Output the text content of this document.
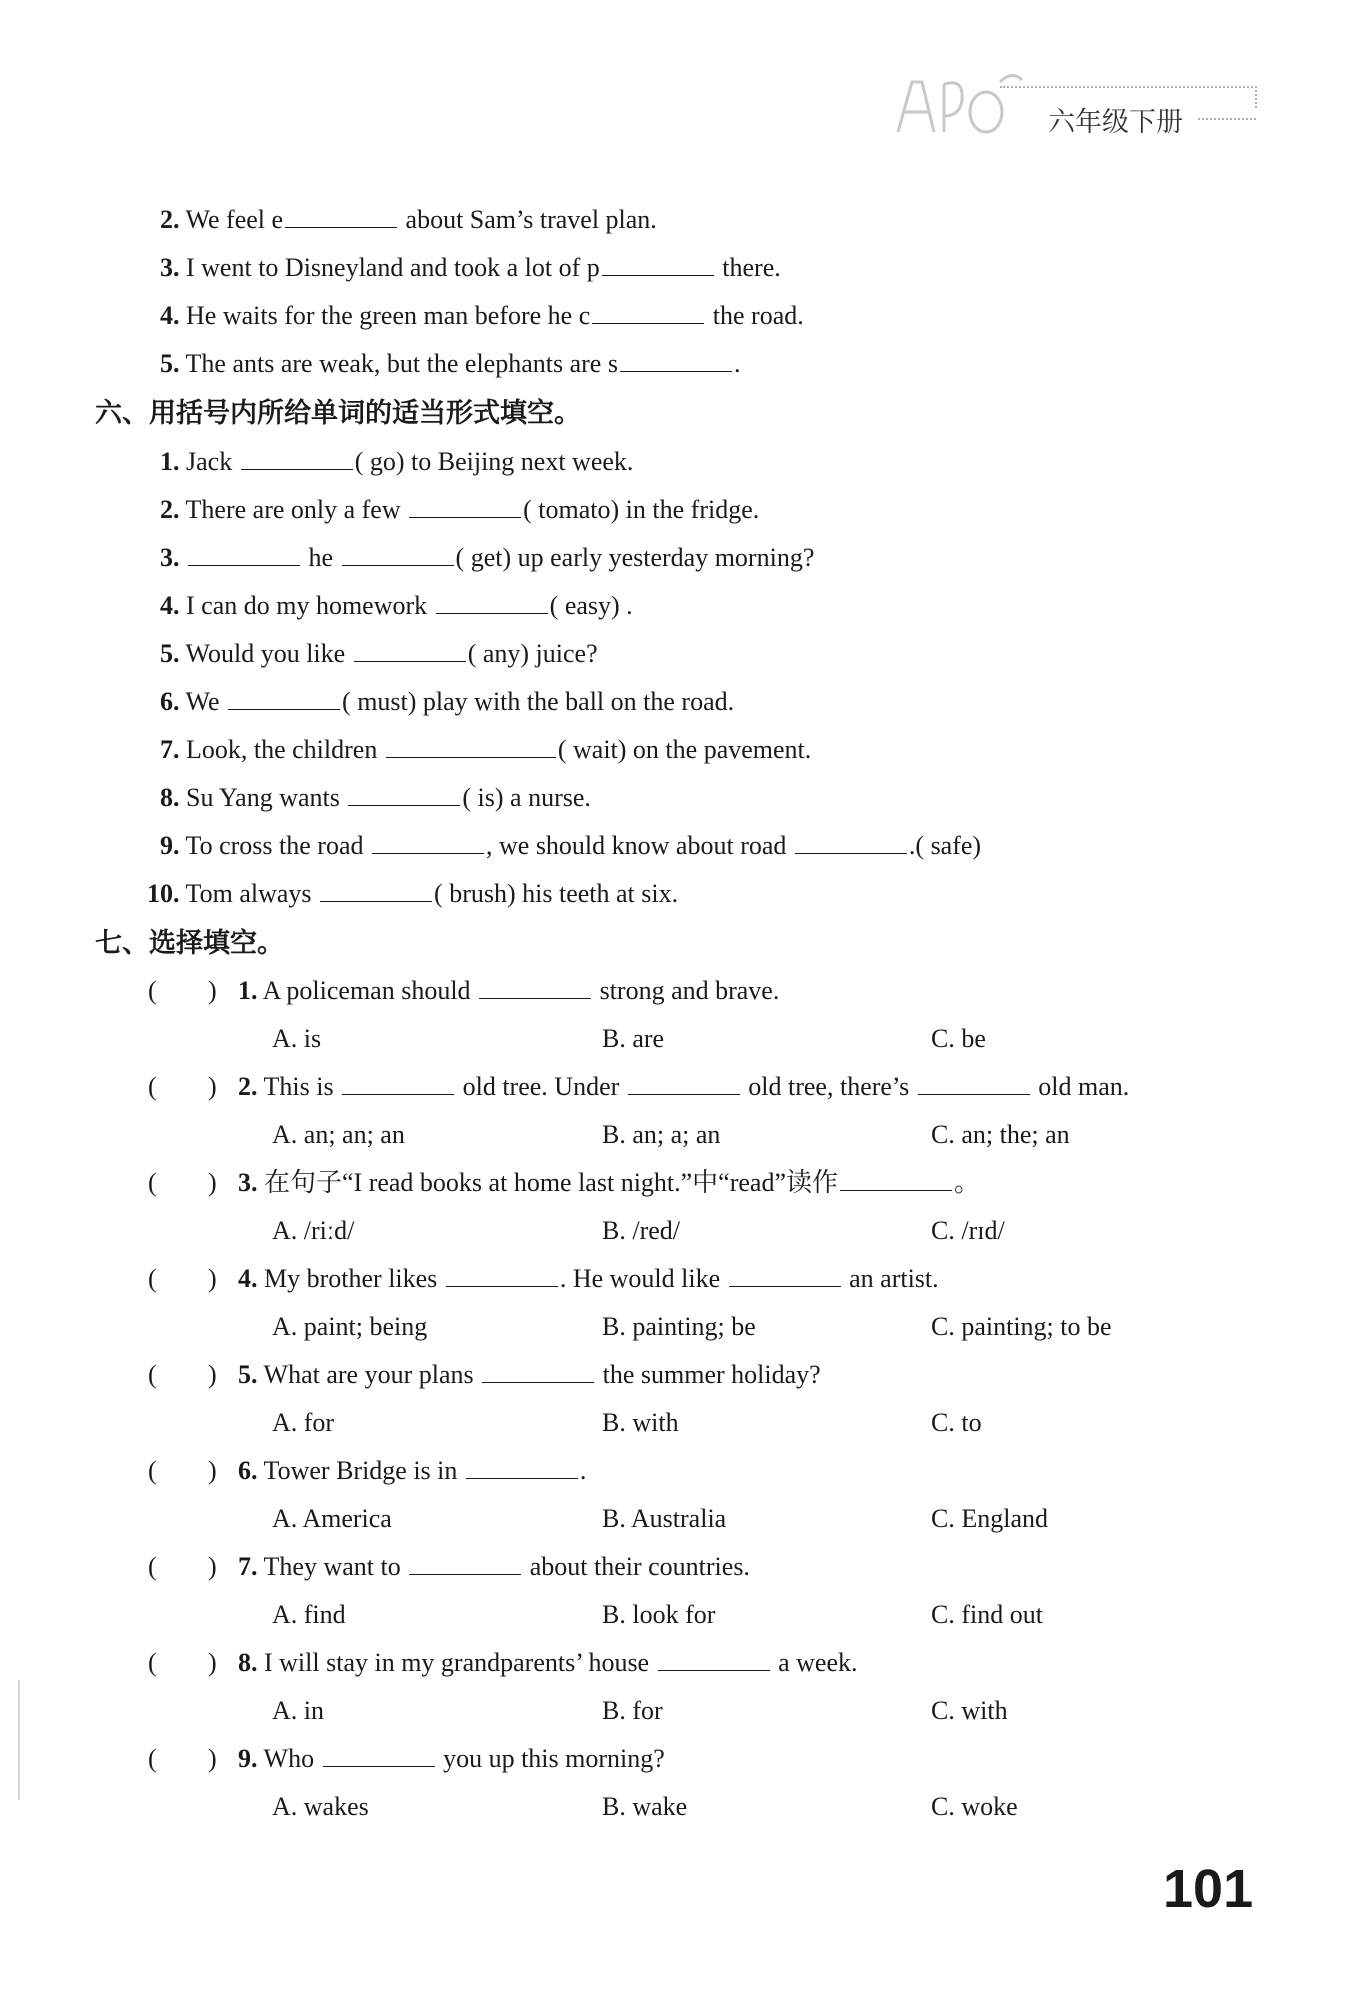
六年级下册
2. We feel e	about Sam’s travel plan.
3. I went to Disneyland and took a lot of p	there.
4. He waits for the green man before he c	the road.
5. The ants are weak, but the elephants are s	.
六、用括号内所给单词的适当形式填空。
1. Jack	( go) to Beijing next week.
2. There are only a few	( tomato) in the fridge.
3.	he	( get) up early yesterday morning?
4. I can do my homework	( easy) .
5. Would you like	( any) juice?
6. We	( must) play with the ball on the road.
7. Look, the children	( wait) on the pavement.
8. Su Yang wants	( is) a nurse.
9. To cross the road	, we should know about road	.( safe)
10. Tom always	( brush) his teeth at six.
七、选择填空。
( ) 1. A policeman should	strong and brave.
A. is	B. are	C. be
( ) 2. This is	old tree. Under	old tree, there’s	old man.
A. an; an; an	B. an; a; an	C. an; the; an
( ) 3. 在句子“I read books at home last night.”中“read”读作	。
A. /riːd/	B. /red/	C. /rɪd/
( ) 4. My brother likes	. He would like	an artist.
A. paint; being	B. painting; be	C. painting; to be
( ) 5. What are your plans	the summer holiday?
A. for	B. with	C. to
( ) 6. Tower Bridge is in	.
A. America	B. Australia	C. England
( ) 7. They want to	about their countries.
A. find	B. look for	C. find out
( ) 8. I will stay in my grandparents’ house	a week.
A. in	B. for	C. with
( ) 9. Who	you up this morning?
A. wakes	B. wake	C. woke
101
